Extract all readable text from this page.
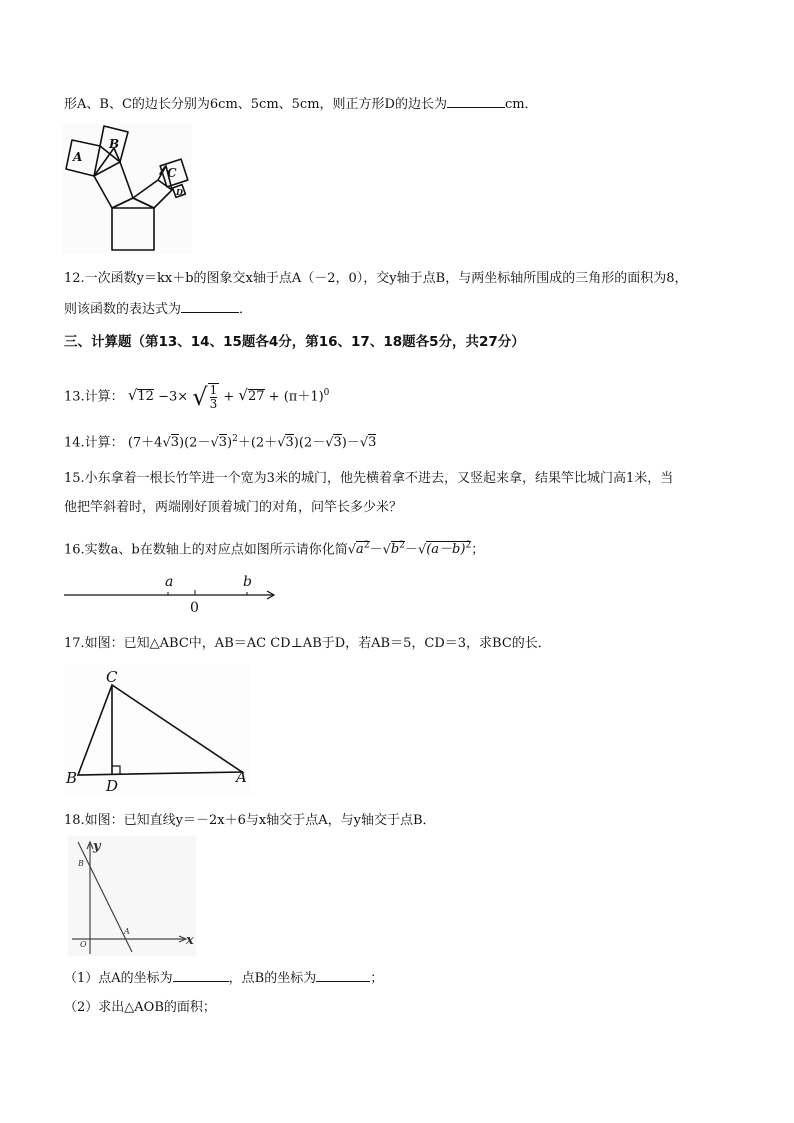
形A、B、C的边长分别为6cm、5cm、5cm，则正方形D的边长为	cm．
A
B
C
D
12.一次函数y＝kx＋b的图象交x轴于点A（－2，0），交y轴于点B，与两坐标轴所围成的三角形的面积为8，
则该函数的表达式为	．
三、计算题（第13、14、15题各4分，第16、17、18题各5分，共27分）
13.计算： √12 −3× √ $\frac{1}{3} + √27 + (\pi+1)^0$
14.计算： $(7+4√3)(2-√3)^2+(2+√3)(2-√3)-√3$
15.小东拿着一根长竹竿进一个宽为3米的城门，他先横着拿不进去，又竖起来拿，结果竿比城门高1米，当
他把竿斜着时，两端刚好顶着城门的对角，问竿长多少米？
16.实数a、b在数轴上的对应点如图所示请你化简$√a^2-√b^2-√(a-b)^2$；
a	b
0
17.如图：已知△ABC中，AB＝AC CD⊥AB于D，若AB＝5，CD＝3，求BC的长．
C
B D	A
18.如图：已知直线y＝－2x＋6与x轴交于点A，与y轴交于点B．
y
x
B
A
O
（1）点A的坐标为	，点B的坐标为	；
（2）求出△AOB的面积；
